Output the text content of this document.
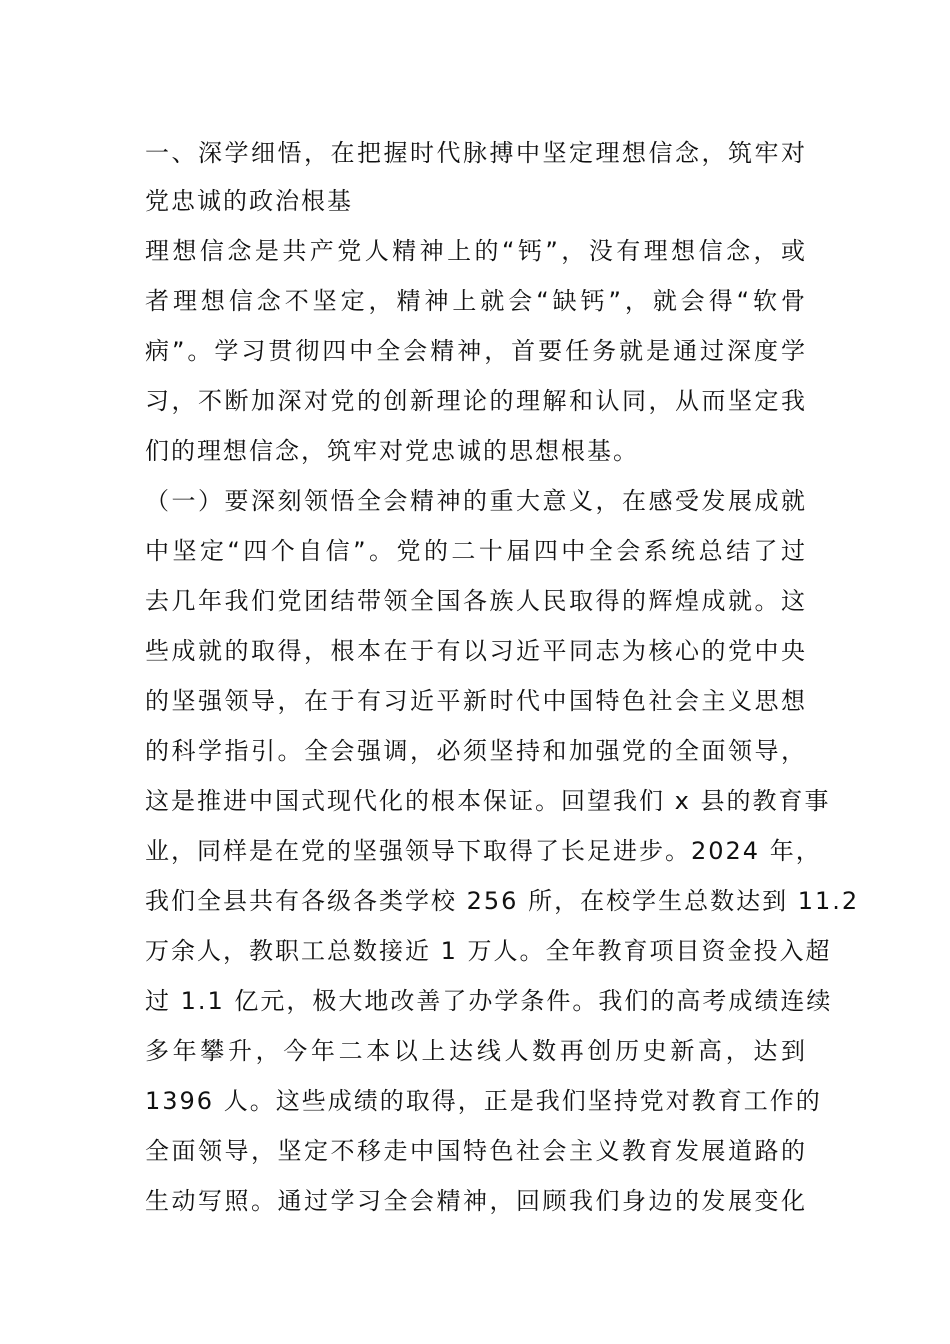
一、深学细悟，在把握时代脉搏中坚定理想信念，筑牢对
党忠诚的政治根基
理想信念是共产党人精神上的“钙”，没有理想信念，或
者理想信念不坚定，精神上就会“缺钙”，就会得“软骨
病”。学习贯彻四中全会精神，首要任务就是通过深度学
习，不断加深对党的创新理论的理解和认同，从而坚定我
们的理想信念，筑牢对党忠诚的思想根基。
（一）要深刻领悟全会精神的重大意义，在感受发展成就
中坚定“四个自信”。党的二十届四中全会系统总结了过
去几年我们党团结带领全国各族人民取得的辉煌成就。这
些成就的取得，根本在于有以习近平同志为核心的党中央
的坚强领导，在于有习近平新时代中国特色社会主义思想
的科学指引。全会强调，必须坚持和加强党的全面领导，
这是推进中国式现代化的根本保证。回望我们 x 县的教育事
业，同样是在党的坚强领导下取得了长足进步。2024 年，
我们全县共有各级各类学校 256 所，在校学生总数达到 11.2
万余人，教职工总数接近 1 万人。全年教育项目资金投入超
过 1.1 亿元，极大地改善了办学条件。我们的高考成绩连续
多年攀升，今年二本以上达线人数再创历史新高，达到
1396 人。这些成绩的取得，正是我们坚持党对教育工作的
全面领导，坚定不移走中国特色社会主义教育发展道路的
生动写照。通过学习全会精神，回顾我们身边的发展变化
